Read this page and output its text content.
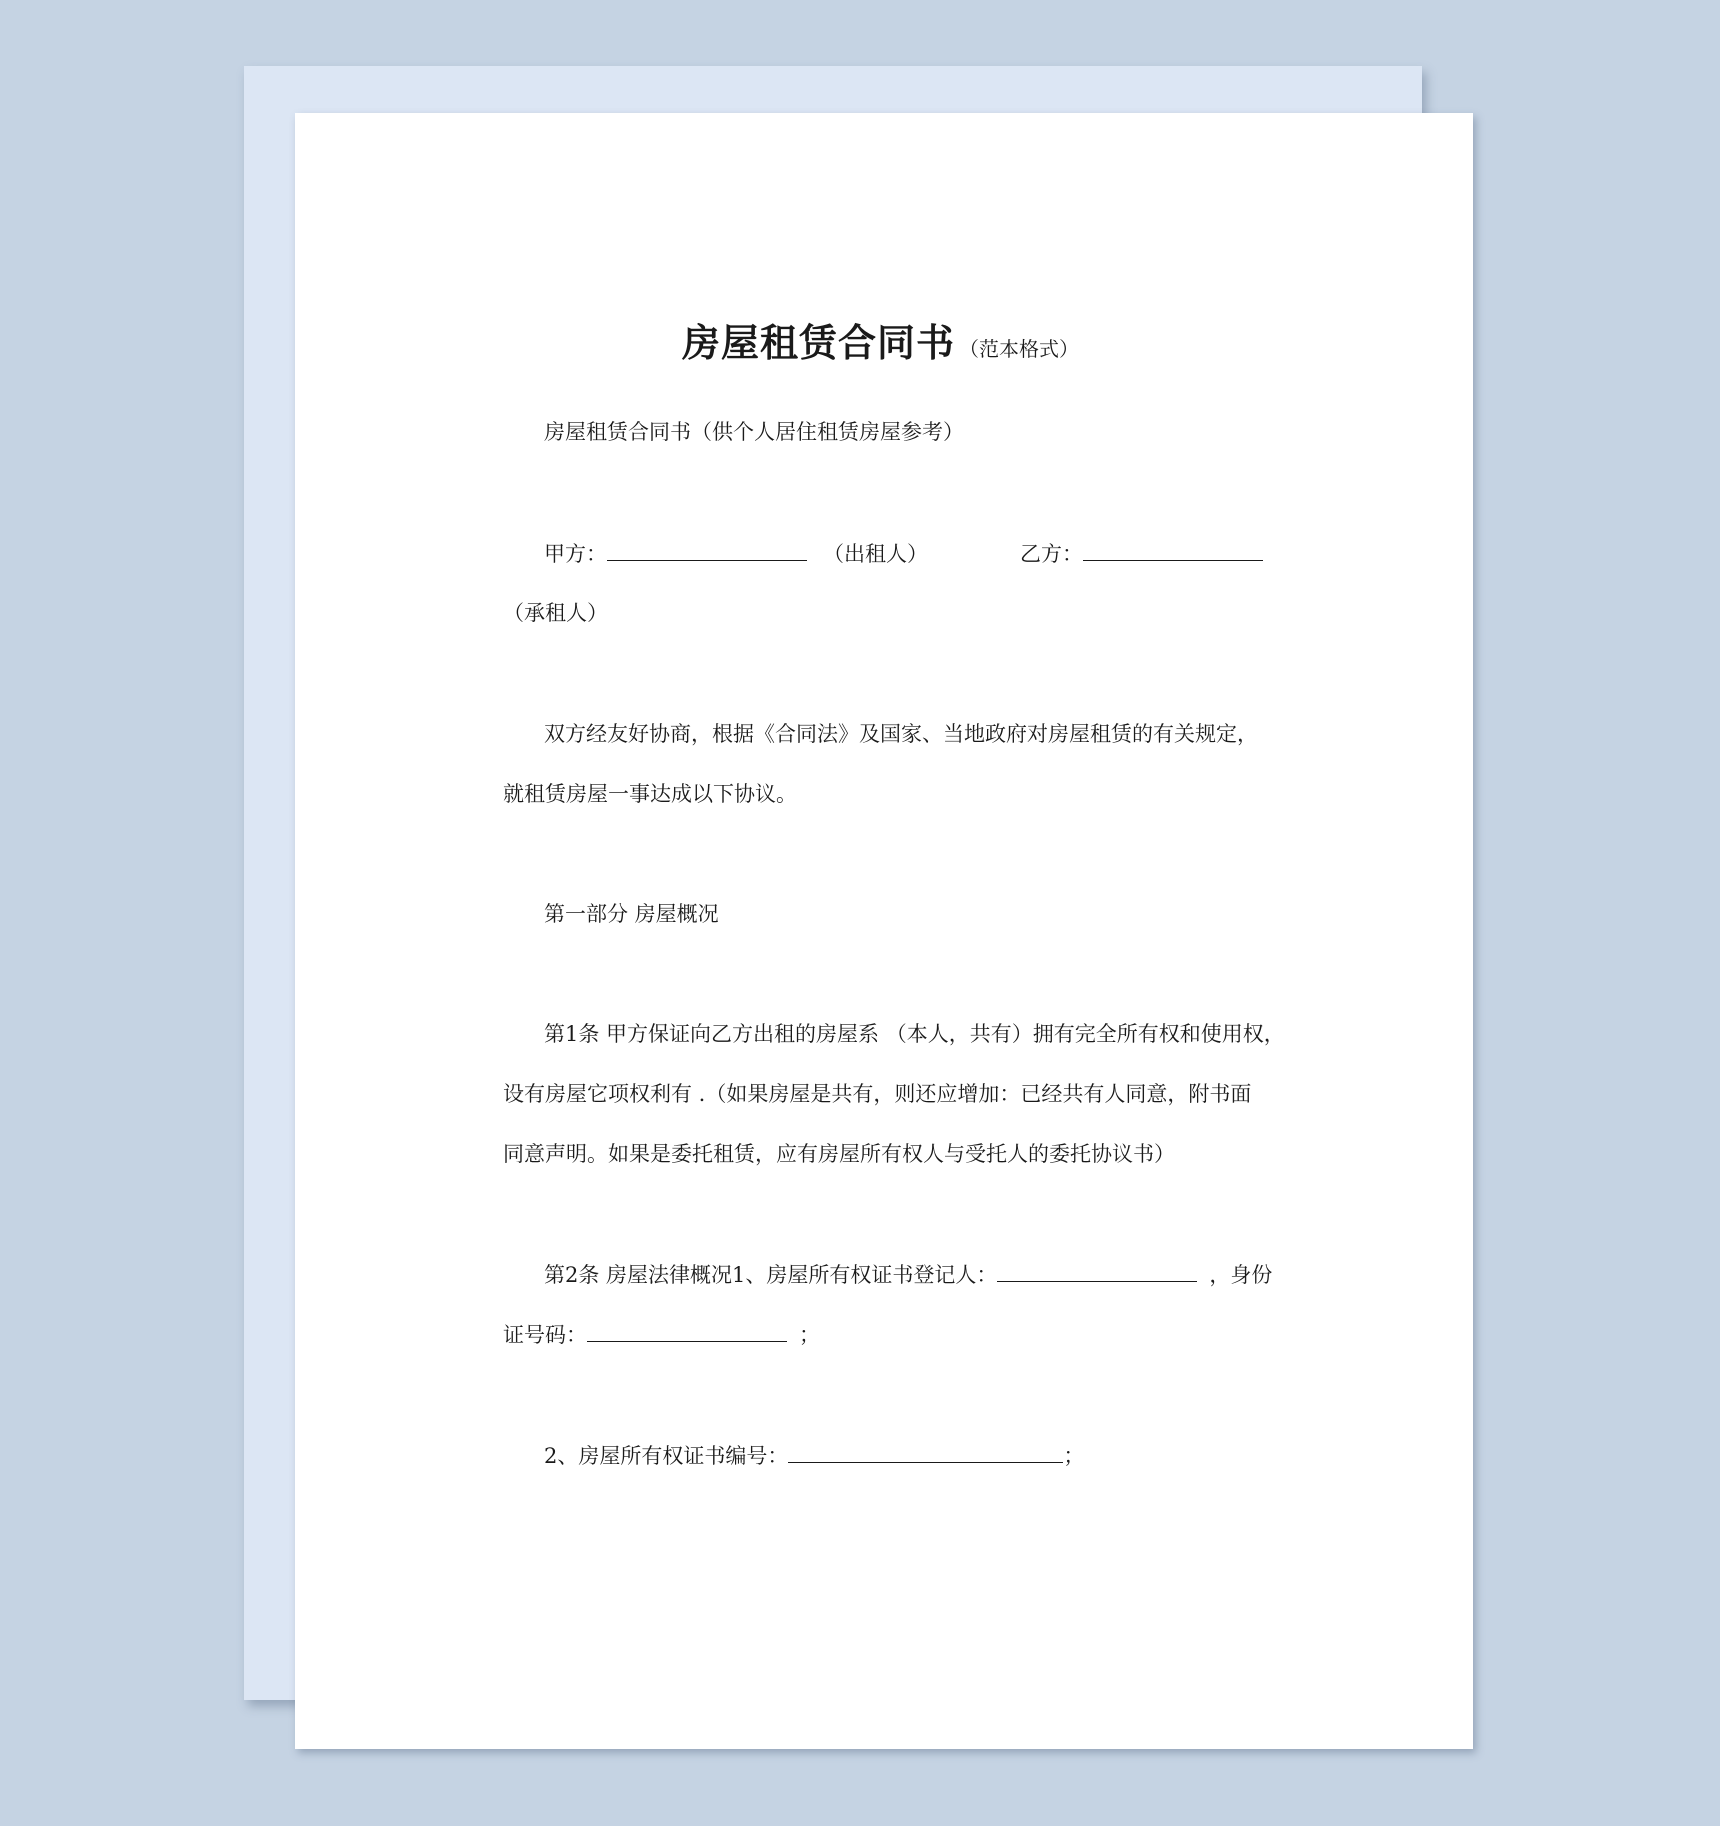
房屋租赁合同书 （范本格式）
房屋租赁合同书（供个人居住租赁房屋参考）
甲方：	（出租人）	乙方：
（承租人）
双方经友好协商，根据《合同法》及国家、当地政府对房屋租赁的有关规定，
就租赁房屋一事达成以下协议。
第一部分 房屋概况
第1条 甲方保证向乙方出租的房屋系 （本人，共有）拥有完全所有权和使用权，
设有房屋它项权利有 .（如果房屋是共有，则还应增加：已经共有人同意，附书面
同意声明。如果是委托租赁，应有房屋所有权人与受托人的委托协议书）
第2条 房屋法律概况1、房屋所有权证书登记人：	，身份
证号码：	；
2、房屋所有权证书编号：	；
